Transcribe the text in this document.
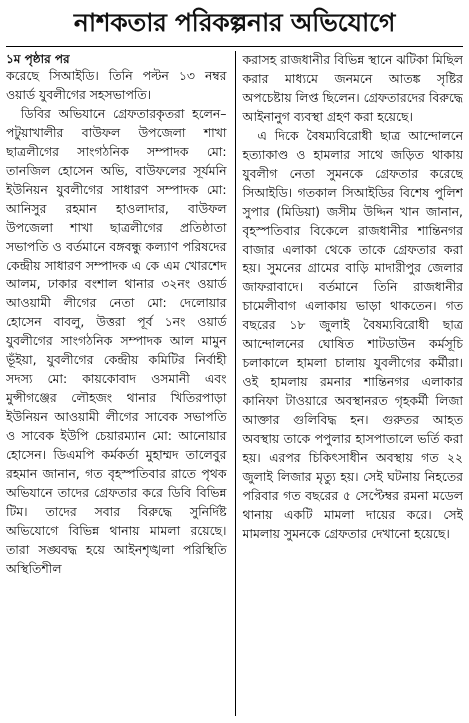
নাশকতার পরিকল্পনার অভিযোগে
১ম পৃষ্ঠার পর

করেছে সিআইডি। তিনি পল্টন ১৩ নম্বর ওয়ার্ড যুবলীগের সহসভাপতি।

ডিবির অভিযানে গ্রেফতারকৃতরা হলেন– পটুয়াখালীর বাউফল উপজেলা শাখা ছাত্রলীগের সাংগঠনিক সম্পাদক মো: তানজিল হোসেন অভি, বাউফলের সূর্যমনি ইউনিয়ন যুবলীগের সাধারণ সম্পাদক মো: আনিসুর রহমান হাওলাদার, বাউফল উপজেলা শাখা ছাত্রলীগের প্রতিষ্ঠাতা সভাপতি ও বর্তমানে বঙ্গবন্ধু কল্যাণ পরিষদের কেন্দ্রীয় সাধারণ সম্পাদক এ কে এম খোরশেদ আলম, ঢাকার বংশাল থানার ৩২নং ওয়ার্ড আওয়ামী লীগের নেতা মো: দেলোয়ার হোসেন বাবলু, উত্তরা পূর্ব ১নং ওয়ার্ড যুবলীগের সাংগঠনিক সম্পাদক আল মামুন ভূঁইয়া, যুবলীগের কেন্দ্রীয় কমিটির নির্বাহী সদস্য মো: কায়কোবাদ ওসমানী এবং মুন্সীগঞ্জের লৌহজং থানার খিতিরপাড়া ইউনিয়ন আওয়ামী লীগের সাবেক সভাপতি ও সাবেক ইউপি চেয়ারম্যান মো: আনোয়ার হোসেন। ডিএমপি কর্মকর্তা মুহাম্মদ তালেবুর রহমান জানান, গত বৃহস্পতিবার রাতে পৃথক অভিযানে তাদের গ্রেফতার করে ডিবি বিভিন্ন টিম। তাদের সবার বিরুদ্ধে সুনির্দিষ্ট অভিযোগে বিভিন্ন থানায় মামলা রয়েছে। তারা সঙ্ঘবদ্ধ হয়ে আইনশৃঙ্খলা পরিস্থিতি অস্থিতিশীল

করাসহ রাজধানীর বিভিন্ন স্থানে ঝটিকা মিছিল করার মাধ্যমে জনমনে আতঙ্ক সৃষ্টির অপচেষ্টায় লিপ্ত ছিলেন। গ্রেফতারদের বিরুদ্ধে আইনানুগ ব্যবস্থা গ্রহণ করা হয়েছে।

এ দিকে বৈষম্যবিরোধী ছাত্র আন্দোলনে হত্যাকাণ্ড ও হামলার সাথে জড়িত থাকায় যুবলীগ নেতা সুমনকে গ্রেফতার করেছে সিআইডি। গতকাল সিআইডির বিশেষ পুলিশ সুপার (মিডিয়া) জসীম উদ্দিন খান জানান, বৃহস্পতিবার বিকেলে রাজধানীর শান্তিনগর বাজার এলাকা থেকে তাকে গ্রেফতার করা হয়। সুমনের গ্রামের বাড়ি মাদারীপুর জেলার জাফরাবাদে। বর্তমানে তিনি রাজধানীর চামেলীবাগ এলাকায় ভাড়া থাকতেন। গত বছরের ১৮ জুলাই বৈষম্যবিরোধী ছাত্র আন্দোলনের ঘোষিত শাটডাউন কর্মসূচি চলাকালে হামলা চালায় যুবলীগের কর্মীরা। ওই হামলায় রমনার শান্তিনগর এলাকার কানিফা টাওয়ারে অবস্থানরত গৃহকর্মী লিজা আক্তার গুলিবিদ্ধ হন। গুরুতর আহত অবস্থায় তাকে পপুলার হাসপাতালে ভর্তি করা হয়। এরপর চিকিৎসাধীন অবস্থায় গত ২২ জুলাই লিজার মৃত্যু হয়। সেই ঘটনায় নিহতের পরিবার গত বছরের ৫ সেপ্টেম্বর রমনা মডেল থানায় একটি মামলা দায়ের করে। সেই মামলায় সুমনকে গ্রেফতার দেখানো হয়েছে।
